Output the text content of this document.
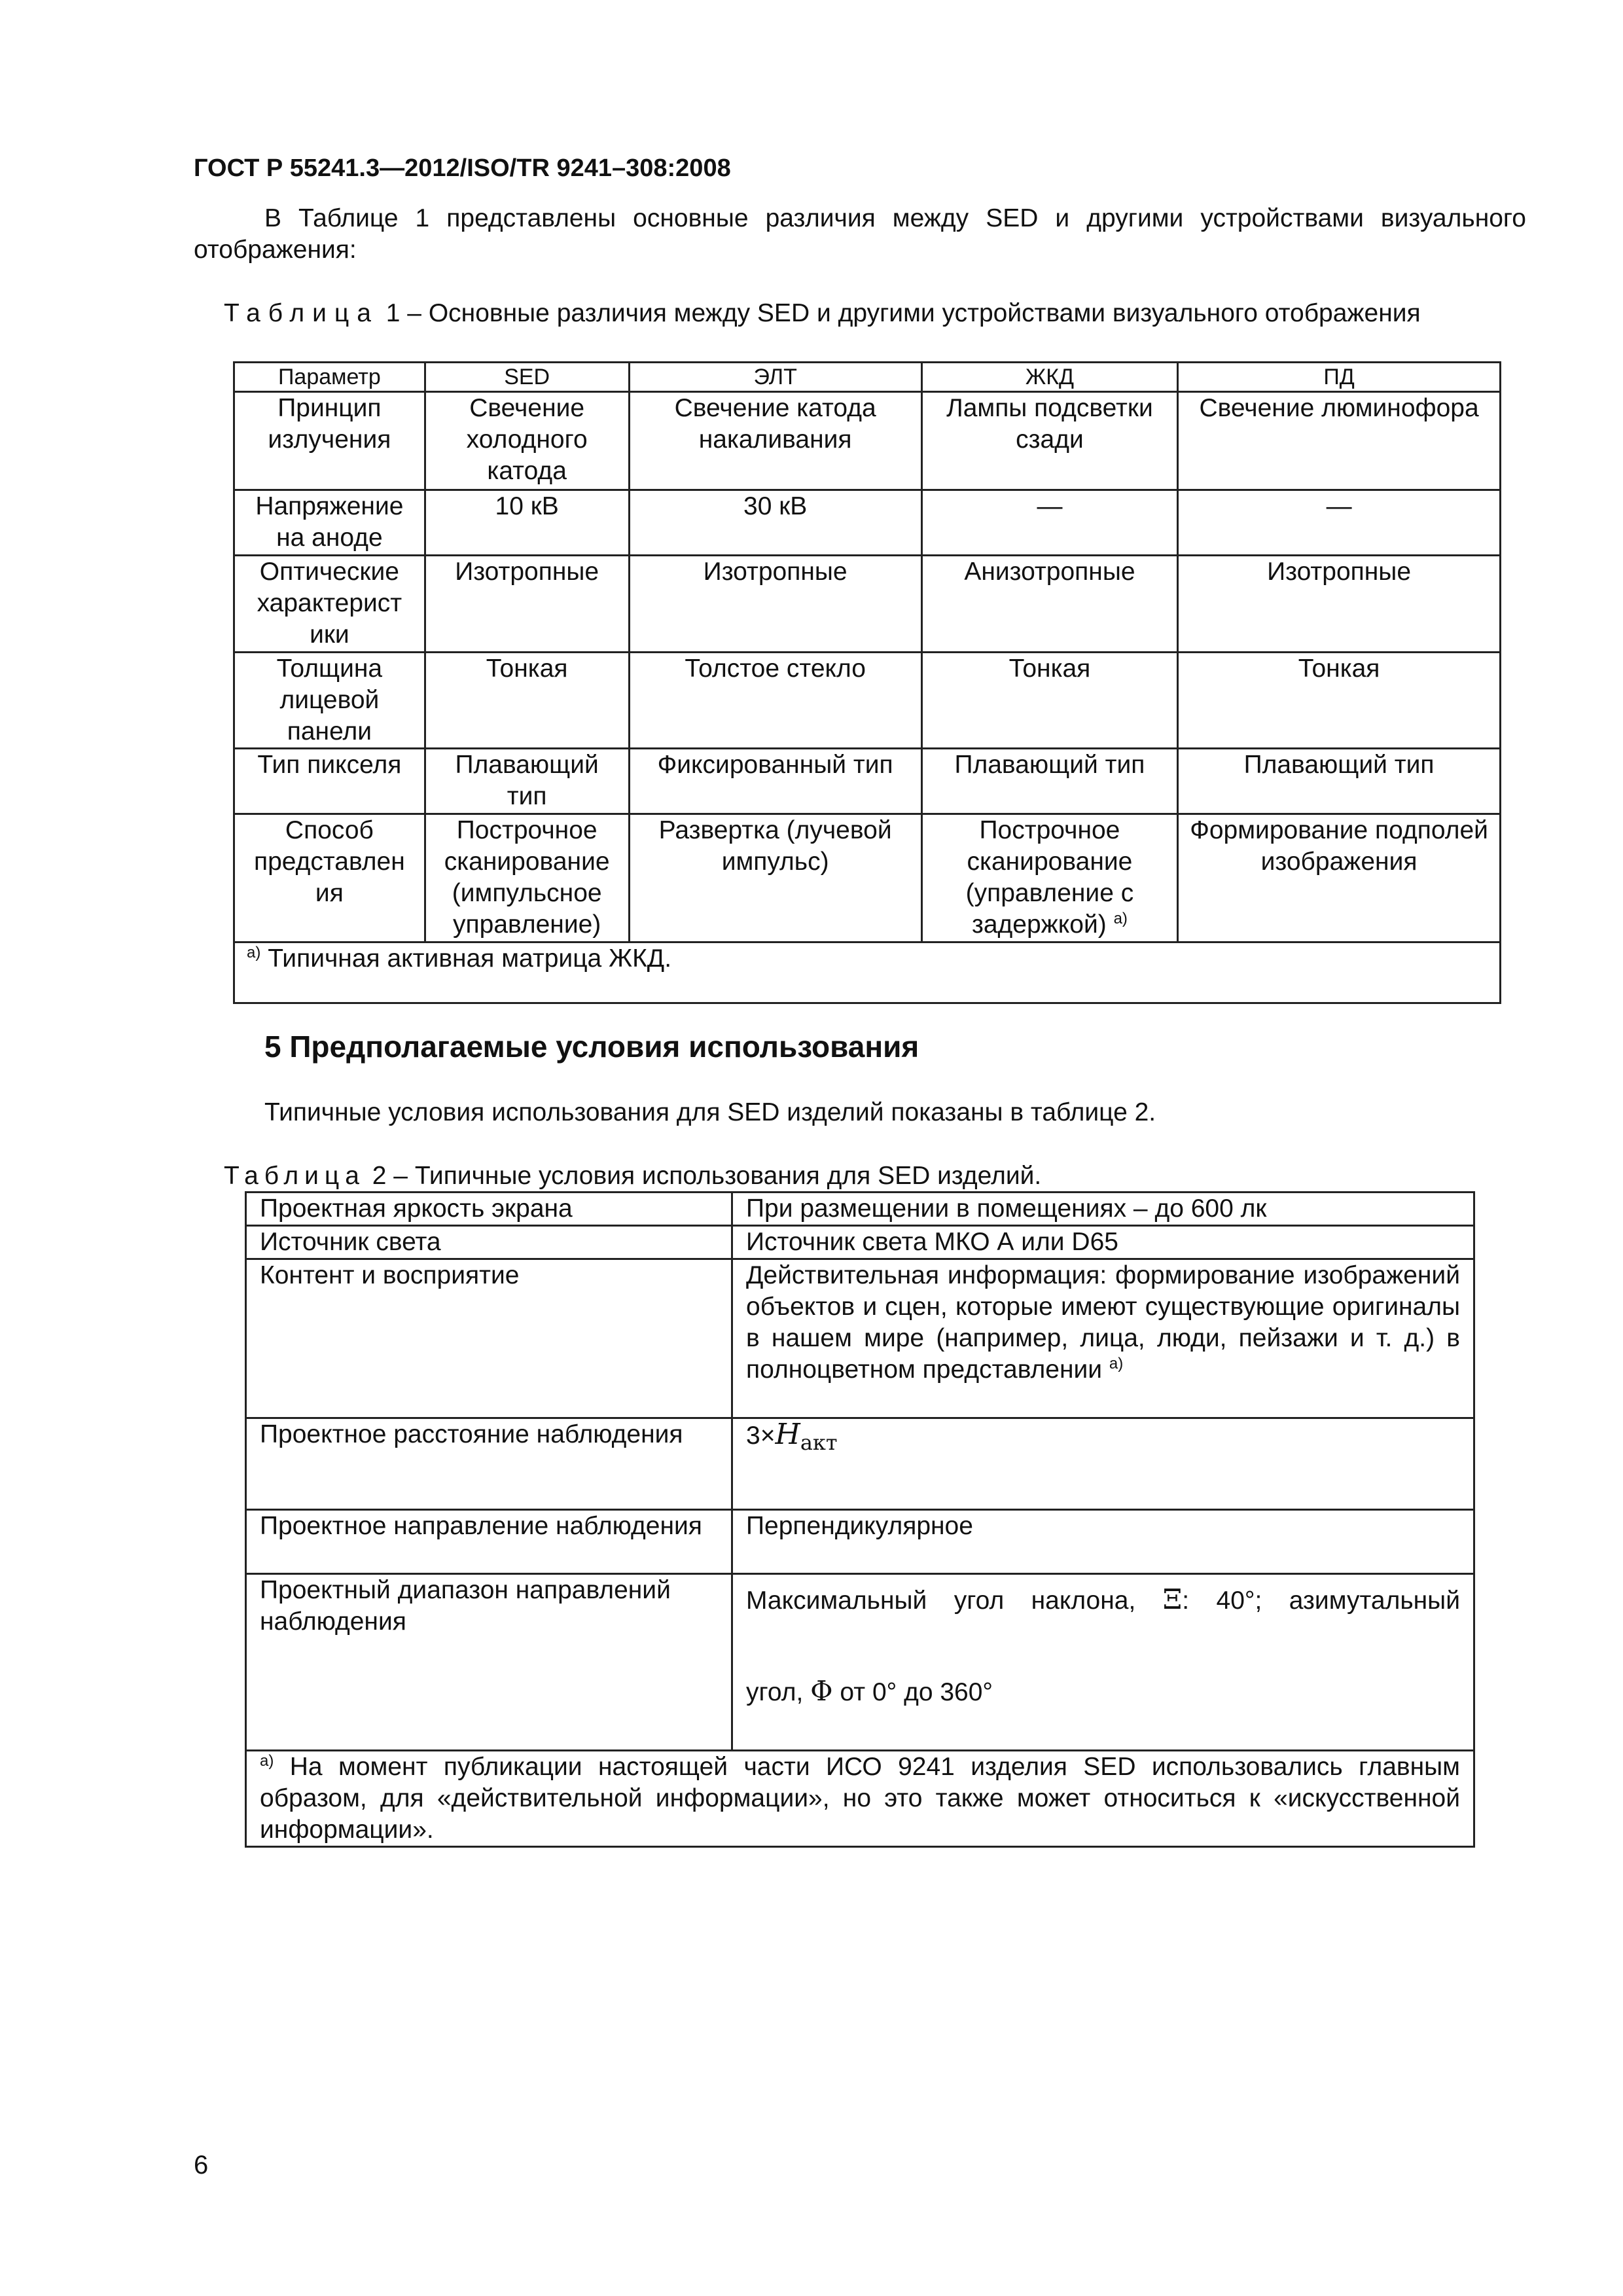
ГОСТ Р 55241.3—2012/ISO/TR 9241–308:2008
В Таблице 1 представлены основные различия между SED и другими устройствами визуального отображения:
Таблица 1 – Основные различия между SED и другими устройствами визуального отображения
Параметр	SED	ЭЛТ	ЖКД	ПД
Принцип излучения	Свечение холодного катода	Свечение катода накаливания	Лампы подсветки сзади	Свечение люминофора
Напряжение на аноде	10 кВ	30 кВ	—	—
Оптические характерист ики	Изотропные	Изотропные	Анизотропные	Изотропные
Толщина лицевой панели	Тонкая	Толстое стекло	Тонкая	Тонкая
Тип пикселя	Плавающий тип	Фиксированный тип	Плавающий тип	Плавающий тип
Способ представлен ия	Построчное сканирование (импульсное управление)	Развертка (лучевой импульс)	Построчное сканирование (управление с задержкой) $^{а)}$	Формирование подполей изображения
$^{а)}$ Типичная активная матрица ЖКД.				
5 Предполагаемые условия использования
Типичные условия использования для SED изделий показаны в таблице 2.
Таблица 2 – Типичные условия использования для SED изделий.
Проектная яркость экрана	При размещении в помещениях – до 600 лк
Источник света	Источник света МКО А или D65
Контент и восприятие	Действительная информация: формирование изображений объектов и сцен, которые имеют существующие оригиналы в нашем мире (например, лица, люди, пейзажи и т. д.) в полноцветном представлении $^{а)}$
Проектное расстояние наблюдения	$3\times H_{акт}$
Проектное направление наблюдения	Перпендикулярное
Проектный диапазон направлений наблюдения	Максимальный угол наклона, Ξ: 40°; азимутальный
угол, Φ от 0° до 360°

$^{а)}$ На момент публикации настоящей части ИСО 9241 изделия SED использовались главным образом, для «действительной информации», но это также может относиться к «искусственной информации».	
6
